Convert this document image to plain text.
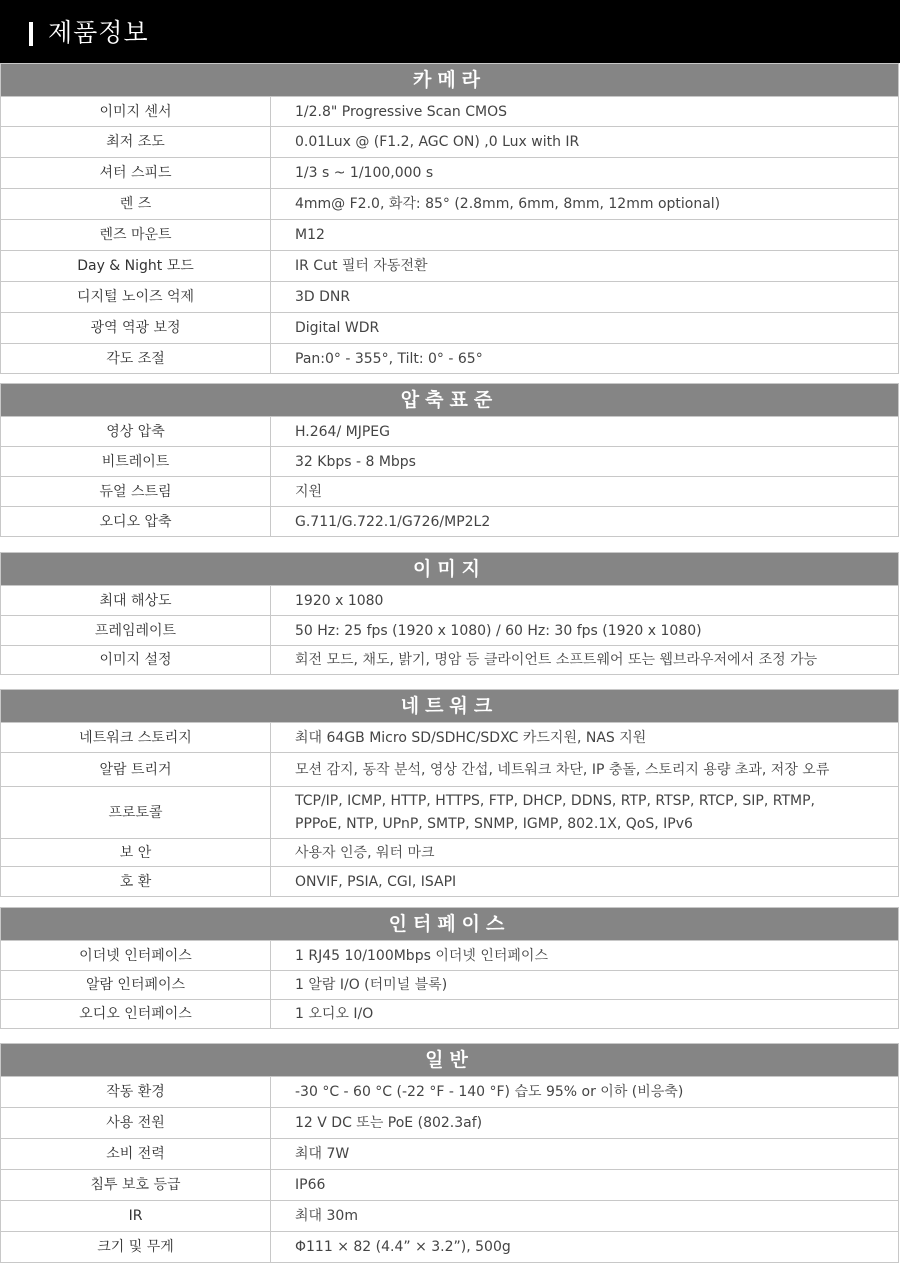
제품정보
카메라
이미지 센서	1/2.8" Progressive Scan CMOS

최저 조도	0.01Lux @ (F1.2, AGC ON) ,0 Lux with IR

셔터 스피드	1/3 s ~ 1/100,000 s

렌 즈	4mm@ F2.0, 화각: 85° (2.8mm, 6mm, 8mm, 12mm optional)

렌즈 마운트	M12

Day & Night 모드	IR Cut 필터 자동전환

디지털 노이즈 억제	3D DNR

광역 역광 보정	Digital WDR

각도 조절	Pan:0° - 355°, Tilt: 0° - 65°
압축표준
영상 압축	H.264/ MJPEG

비트레이트	32 Kbps - 8 Mbps

듀얼 스트림	지원

오디오 압축	G.711/G.722.1/G726/MP2L2
이미지
최대 해상도	1920 x 1080

프레임레이트	50 Hz: 25 fps (1920 x 1080) / 60 Hz: 30 fps (1920 x 1080)

이미지 설정	회전 모드, 채도, 밝기, 명암 등 클라이언트 소프트웨어 또는 웹브라우저에서 조정 가능
네트워크
네트워크 스토리지	최대 64GB Micro SD/SDHC/SDXC 카드지원, NAS 지원

알람 트리거	모션 감지, 동작 분석, 영상 간섭, 네트워크 차단, IP 충돌, 스토리지 용량 초과, 저장 오류

프로토콜	TCP/IP, ICMP, HTTP, HTTPS, FTP, DHCP, DDNS, RTP, RTSP, RTCP, SIP, RTMP,
PPPoE, NTP, UPnP, SMTP, SNMP, IGMP, 802.1X, QoS, IPv6

보 안	사용자 인증, 워터 마크

호 환	ONVIF, PSIA, CGI, ISAPI
인터페이스
이더넷 인터페이스	1 RJ45 10/100Mbps 이더넷 인터페이스

알람 인터페이스	1 알람 I/O (터미널 블록)

오디오 인터페이스	1 오디오 I/O
일반
작동 환경	-30 °C - 60 °C (-22 °F - 140 °F) 습도 95% or 이하 (비응축)

사용 전원	12 V DC 또는 PoE (802.3af)

소비 전력	최대 7W

침투 보호 등급	IP66

IR	최대 30m

크기 및 무게	Φ111 × 82 (4.4” × 3.2”), 500g
